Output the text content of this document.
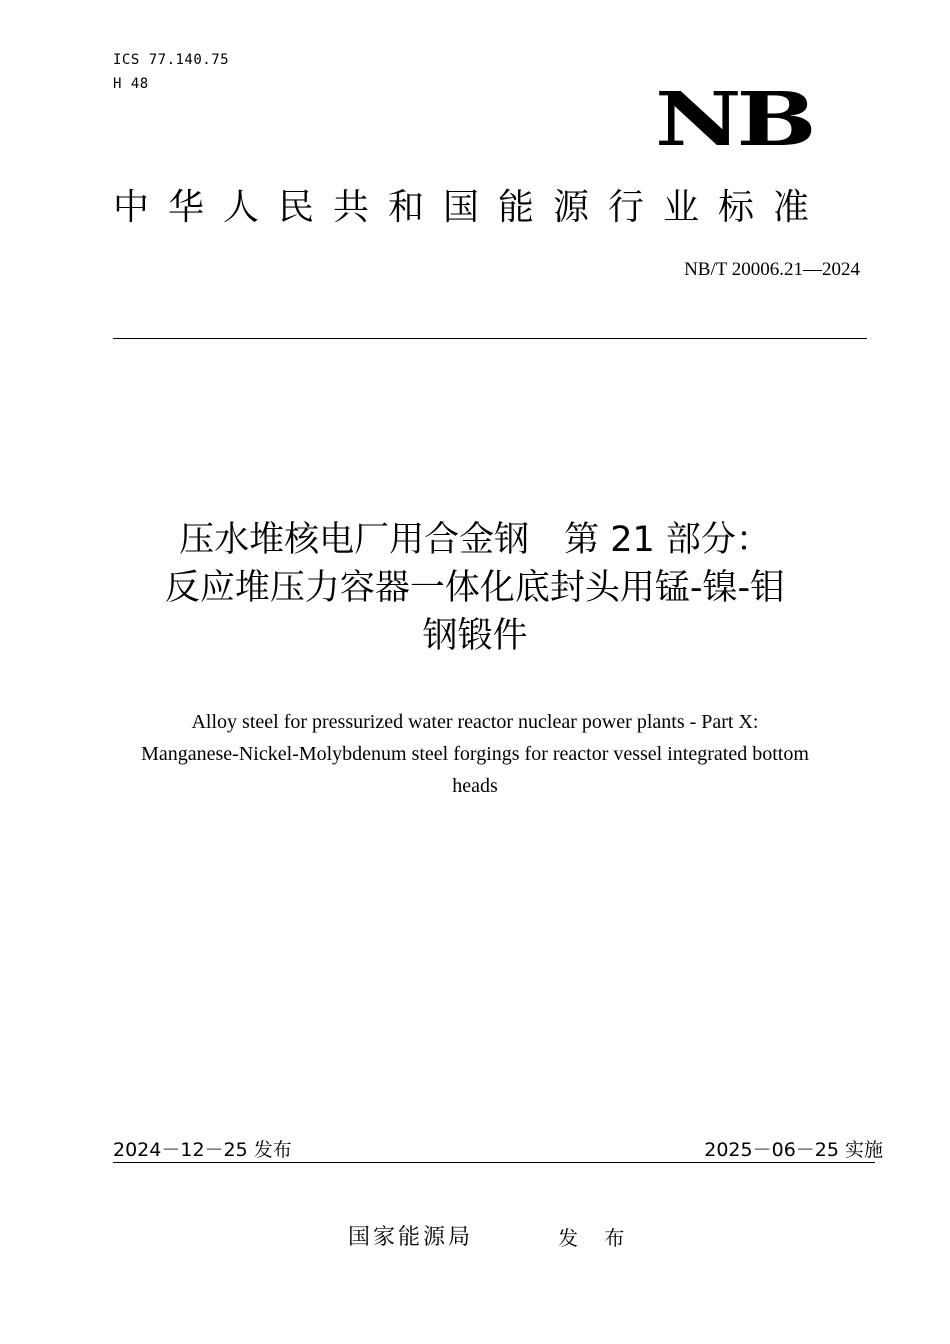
ICS 77.140.75
H 48	NB
中华人民共和国能源行业标准
NB/T 20006.21—2024
压水堆核电厂用合金钢　第 21 部分：
反应堆压力容器一体化底封头用锰-镍-钼
钢锻件
Alloy steel for pressurized water reactor nuclear power plants - Part X:
Manganese-Nickel-Molybdenum steel forgings for reactor vessel integrated bottom
heads
2024－12－25 发布	2025－06－25 实施
国家能源局	发 布
